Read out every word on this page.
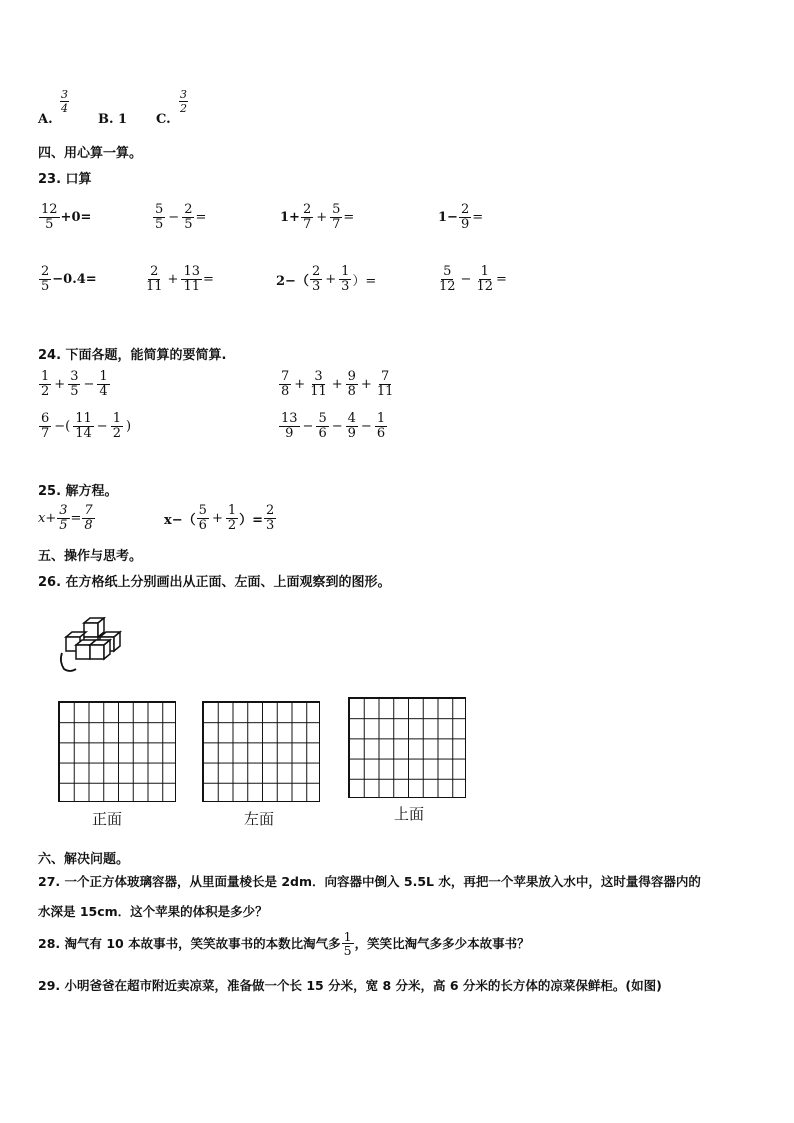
A.
3
4
B. 1 C.
3
2
四、用心算一算。
23. 口算
$\frac{12}{5} +0=$	$\frac{5}{5} - \frac{2}{5}$ =	$1+ \frac{2}{7} + \frac{5}{7}$ =	$1- \frac{2}{9}$ =
$\frac{2}{5} -0.4=$	$\frac{2}{11} + \frac{13}{11}$ =	$2-( \frac{2}{3} + \frac{1}{3}$ ）=	$\frac{5}{12} - \frac{1}{12}$ =
24. 下面各题，能简算的要简算.
$\frac{1}{2} + \frac{3}{5} - \frac{1}{4}$	$\frac{7}{8} + \frac{3}{11} + \frac{9}{8} + \frac{7}{11}$
$\frac{6}{7}$ −( $\frac{11}{14} - \frac{1}{2}$ )	$\frac{13}{9} - \frac{5}{6} - \frac{4}{9} - \frac{1}{6}$
25. 解方程。
$x+ \frac{3}{5} = \frac{7}{8}$	$x-( \frac{5}{6} + \frac{1}{2}$ ）= $\frac{2}{3}$
五、操作与思考。
26. 在方格纸上分别画出从正面、左面、上面观察到的图形。
正面	左面	上面
六、解决问题。
27. 一个正方体玻璃容器，从里面量棱长是 2dm．向容器中倒入 5.5L 水，再把一个苹果放入水中，这时量得容器内的
水深是 15cm．这个苹果的体积是多少？
28. 淘气有 10 本故事书，笑笑故事书的本数比淘气多 $\frac{1}{5}$ ，笑笑比淘气多多少本故事书？
29. 小明爸爸在超市附近卖凉菜，准备做一个长 15 分米，宽 8 分米，高 6 分米的长方体的凉菜保鲜柜。(如图)
